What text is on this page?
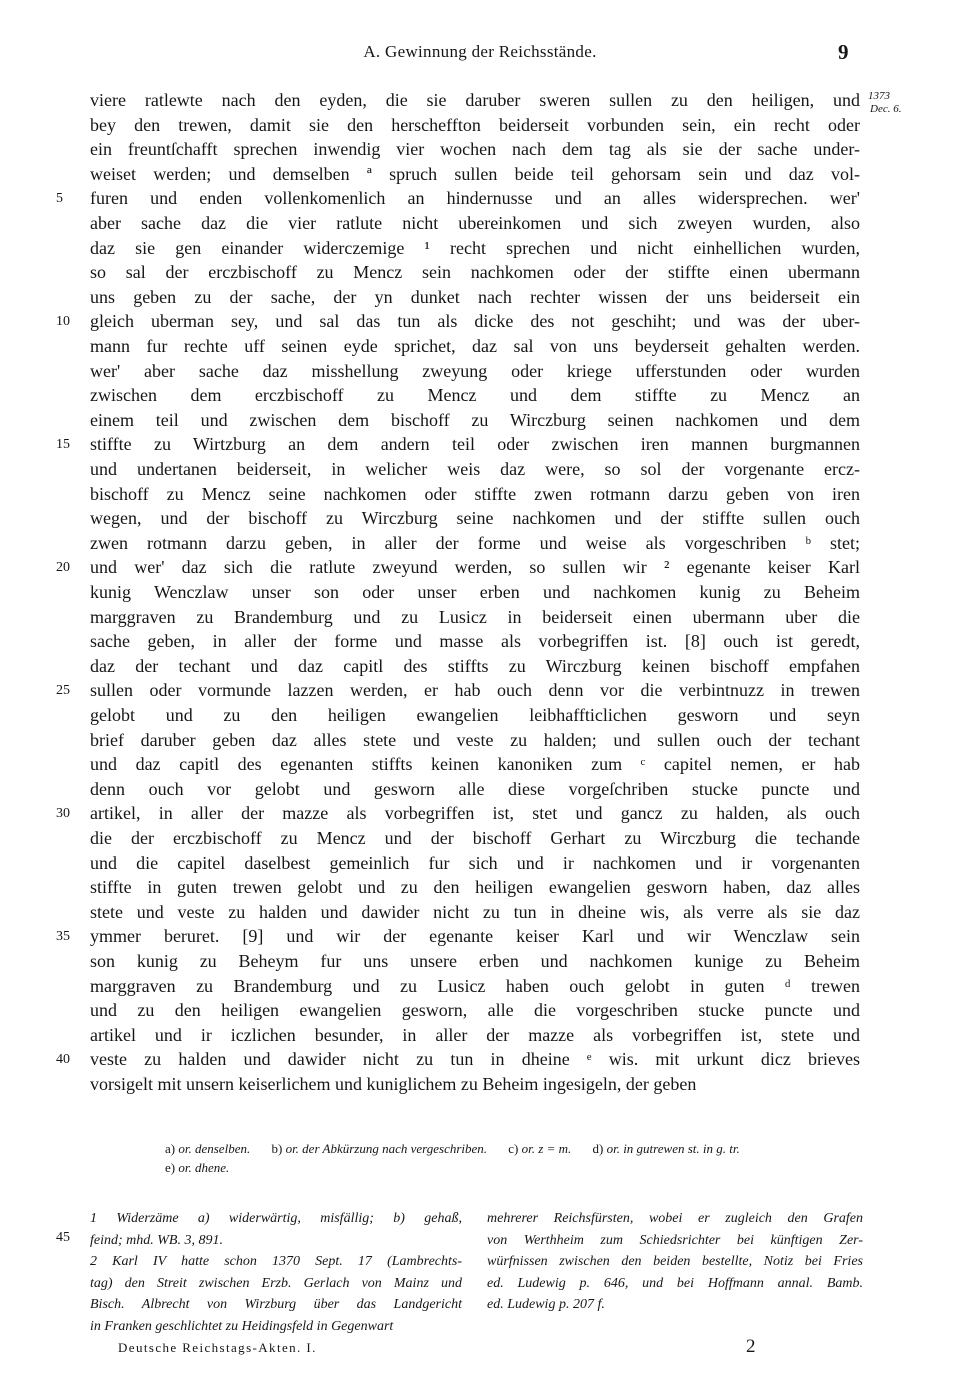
A. Gewinnung der Reichsstände.	9
1373
Dec. 6.
viere ratlewte nach den eyden, die sie daruber sweren sullen zu den heiligen, und
bey den trewen, damit sie den herscheffton beiderseit vorbunden sein, ein recht oder
ein freuntſchafft sprechen inwendig vier wochen nach dem tag als sie der sache under-
weiset werden; und demselben ª spruch sullen beide teil gehorsam sein und daz vol-
furen und enden vollenkomenlich an hindernusse und an alles widersprechen. wer'
aber sache daz die vier ratlute nicht ubereinkomen und sich zweyen wurden, also
daz sie gen einander widerczemige ¹ recht sprechen und nicht einhellichen wurden,
so sal der erczbischoff zu Mencz sein nachkomen oder der stiffte einen ubermann
uns geben zu der sache, der yn dunket nach rechter wissen der uns beiderseit ein
gleich uberman sey, und sal das tun als dicke des not geschiht; und was der uber-
mann fur rechte uff seinen eyde sprichet, daz sal von uns beyderseit gehalten werden.
wer' aber sache daz misshellung zweyung oder kriege ufferstunden oder wurden
zwischen dem erczbischoff zu Mencz und dem stiffte zu Mencz an
einem teil und zwischen dem bischoff zu Wirczburg seinen nachkomen und dem
stiffte zu Wirtzburg an dem andern teil oder zwischen iren mannen burgmannen
und undertanen beiderseit, in welicher weis daz were, so sol der vorgenante ercz-
bischoff zu Mencz seine nachkomen oder stiffte zwen rotmann darzu geben von iren
wegen, und der bischoff zu Wirczburg seine nachkomen und der stiffte sullen ouch
zwen rotmann darzu geben, in aller der forme und weise als vorgeschriben ᵇ stet;
und wer' daz sich die ratlute zweyund werden, so sullen wir ² egenante keiser Karl
kunig Wenczlaw unser son oder unser erben und nachkomen kunig zu Beheim
marggraven zu Brandemburg und zu Lusicz in beiderseit einen ubermann uber die
sache geben, in aller der forme und masse als vorbegriffen ist. [8] ouch ist geredt,
daz der techant und daz capitl des stiffts zu Wirczburg keinen bischoff empfahen
sullen oder vormunde lazzen werden, er hab ouch denn vor die verbintnuzz in trewen
gelobt und zu den heiligen ewangelien leibhaffticlichen gesworn und seyn
brief daruber geben daz alles stete und veste zu halden; und sullen ouch der techant
und daz capitl des egenanten stiffts keinen kanoniken zum ᶜ capitel nemen, er hab
denn ouch vor gelobt und gesworn alle diese vorgeſchriben stucke puncte und
artikel, in aller der mazze als vorbegriffen ist, stet und gancz zu halden, als ouch
die der erczbischoff zu Mencz und der bischoff Gerhart zu Wirczburg die techande
und die capitel daselbest gemeinlich fur sich und ir nachkomen und ir vorgenanten
stiffte in guten trewen gelobt und zu den heiligen ewangelien gesworn haben, daz alles
stete und veste zu halden und dawider nicht zu tun in dheine wis, als verre als sie daz
ymmer beruret. [9] und wir der egenante keiser Karl und wir Wenczlaw sein
son kunig zu Beheym fur uns unsere erben und nachkomen kunige zu Beheim
marggraven zu Brandemburg und zu Lusicz haben ouch gelobt in guten ᵈ trewen
und zu den heiligen ewangelien gesworn, alle die vorgeschriben stucke puncte und
artikel und ir iczlichen besunder, in aller der mazze als vorbegriffen ist, stete und
veste zu halden und dawider nicht zu tun in dheine ᵉ wis. mit urkunt dicz brieves
vorsigelt mit unsern keiserlichem und kuniglichem zu Beheim ingesigeln, der geben
5
10
15
20
25
30
35
40
a) or. denselben. b) or. der Abkürzung nach vergeschriben. c) or. z = m. d) or. in gutrewen st. in g. tr.
e) or. dhene.
45
1 Widerzäme a) widerwärtig, misfällig; b) gehaß,
feind; mhd. WB. 3, 891.
2 Karl IV hatte schon 1370 Sept. 17 (Lambrechts-
tag) den Streit zwischen Erzb. Gerlach von Mainz und
Bisch. Albrecht von Wirzburg über das Landgericht
in Franken geschlichtet zu Heidingsfeld in Gegenwart
mehrerer Reichsfürsten, wobei er zugleich den Grafen
von Werthheim zum Schiedsrichter bei künftigen Zer-
würfnissen zwischen den beiden bestellte, Notiz bei Fries
ed. Ludewig p. 646, und bei Hoffmann annal. Bamb.
ed. Ludewig p. 207 f.
Deutsche Reichstags-Akten. I.	2
